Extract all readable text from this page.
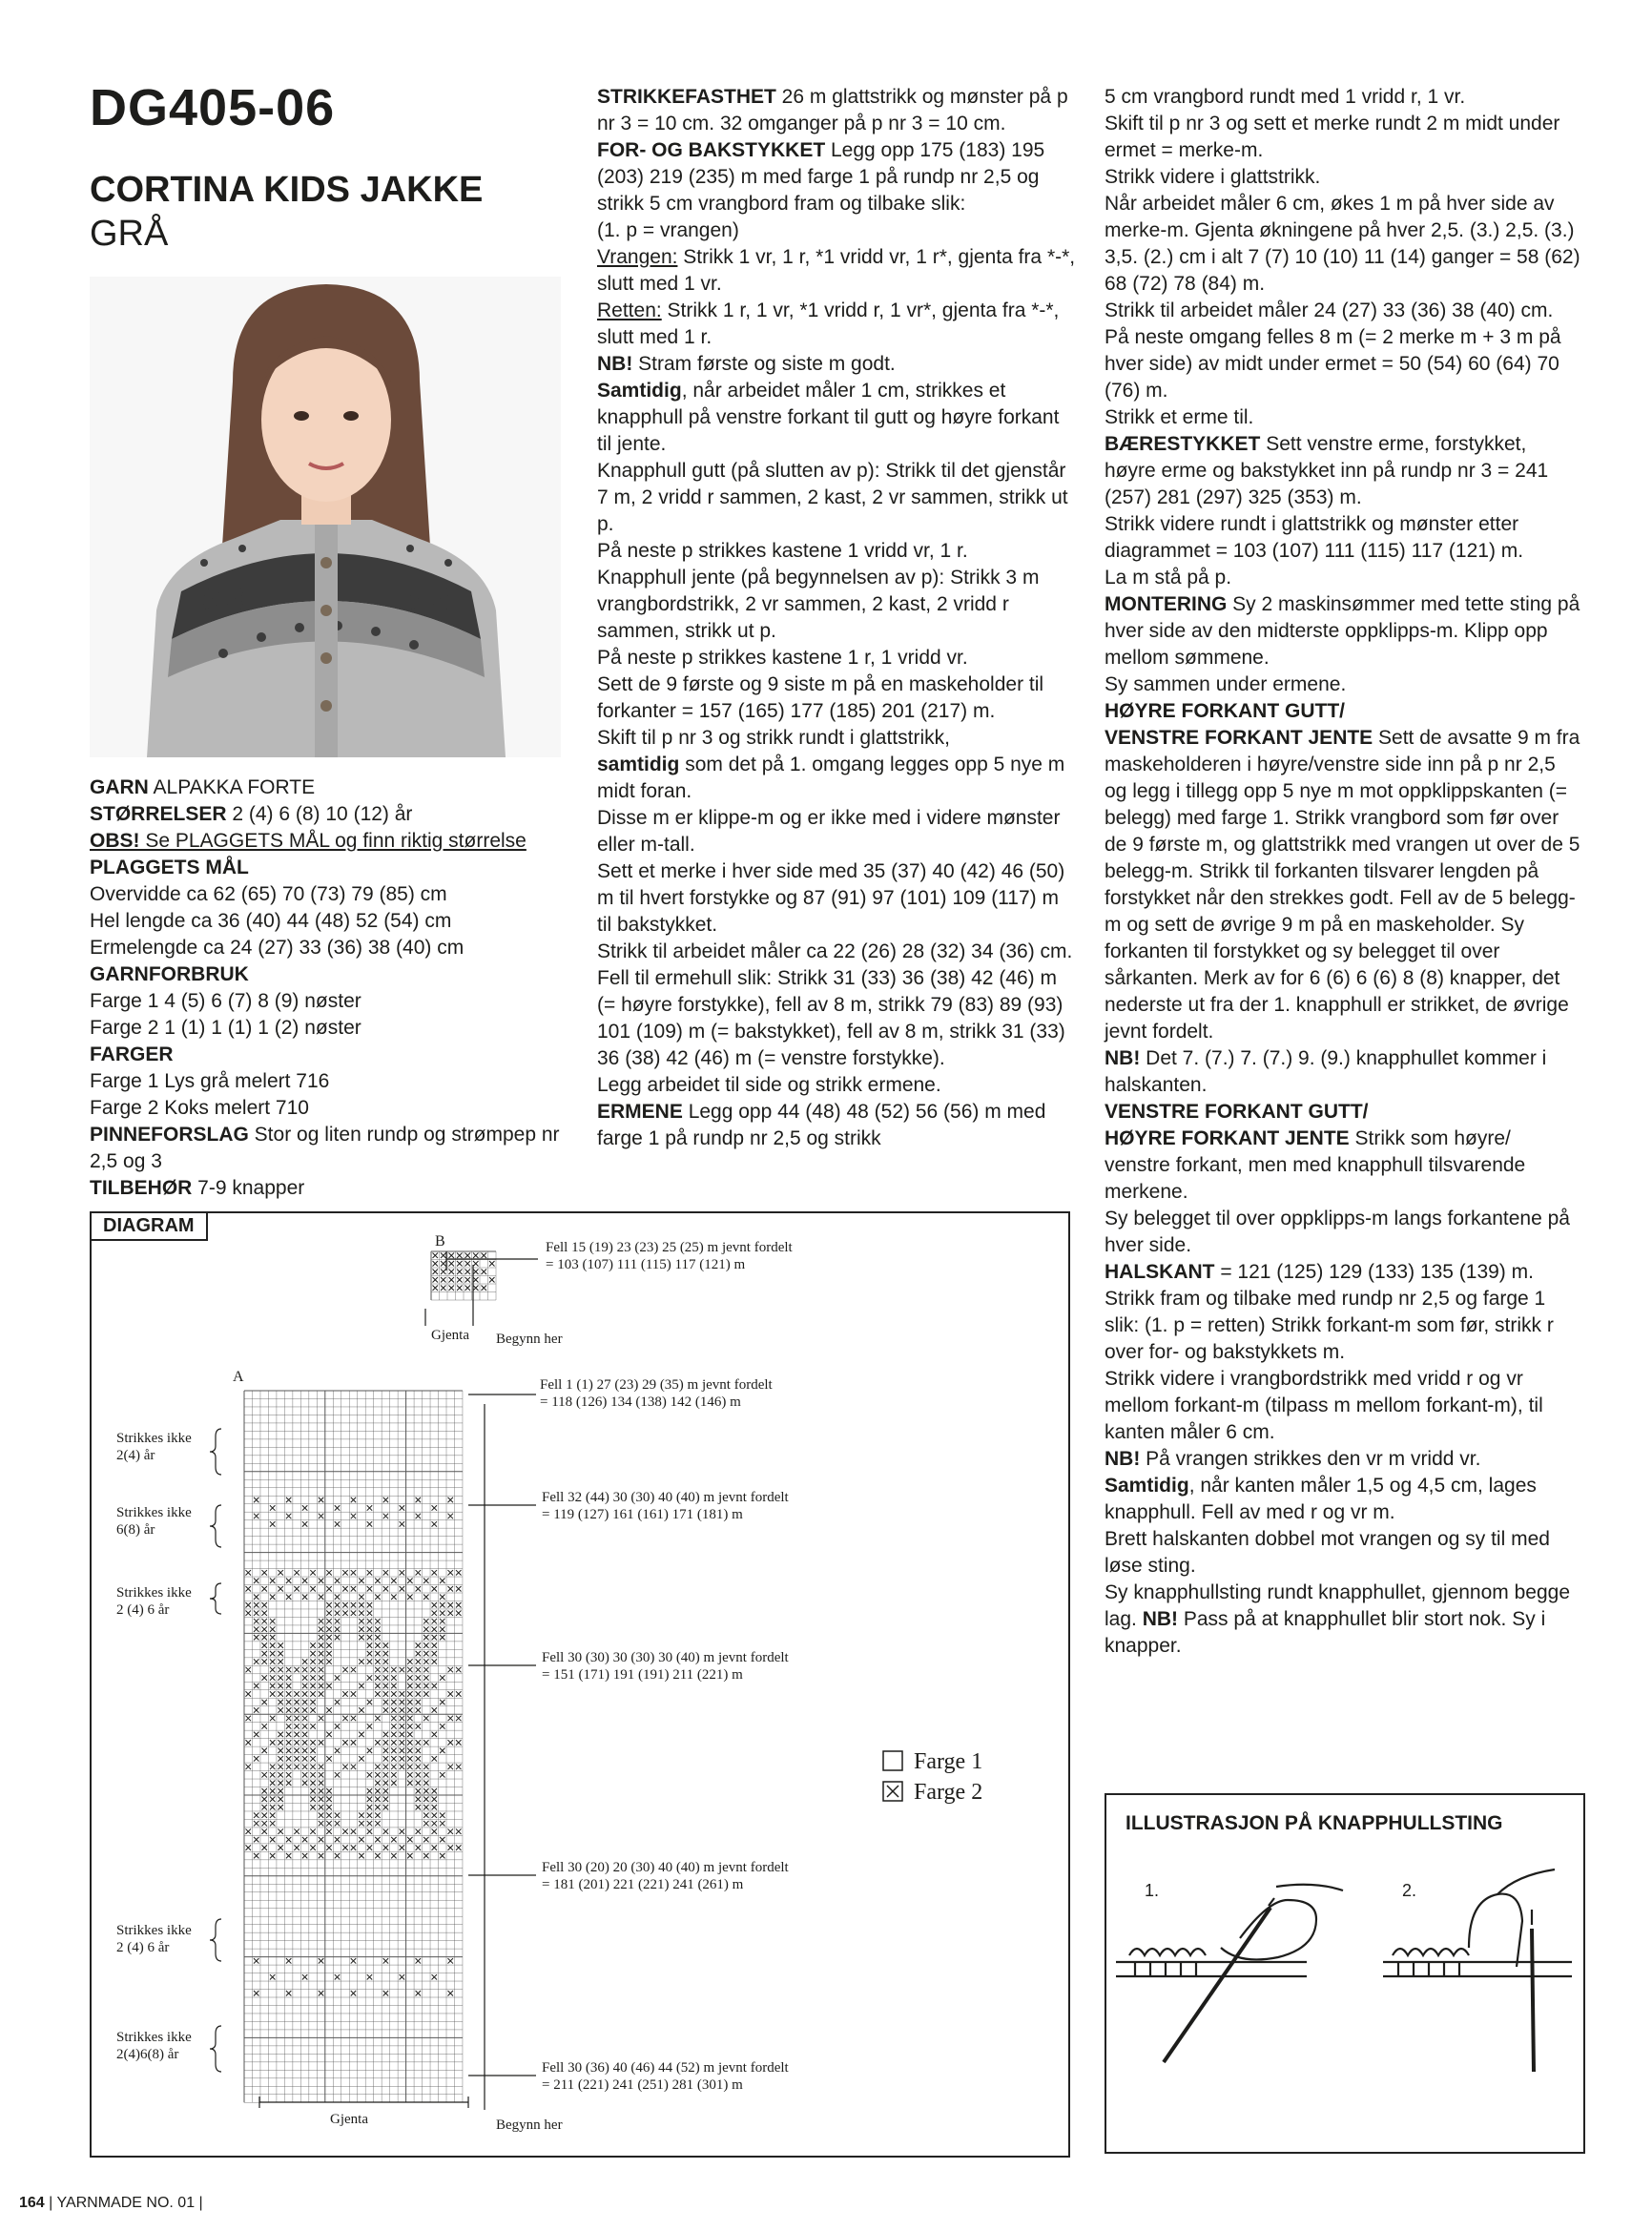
DG405-06
CORTINA KIDS JAKKE
GRÅ

GARN ALPAKKA FORTE

STØRRELSER 2 (4) 6 (8) 10 (12) år

OBS! Se PLAGGETS MÅL og finn riktig størrelse

PLAGGETS MÅL

Overvidde ca 62 (65) 70 (73) 79 (85) cm

Hel lengde ca 36 (40) 44 (48) 52 (54) cm

Ermelengde ca 24 (27) 33 (36) 38 (40) cm

GARNFORBRUK

Farge 1 4 (5) 6 (7) 8 (9) nøster

Farge 2 1 (1) 1 (1) 1 (2) nøster

FARGER

Farge 1 Lys grå melert 716

Farge 2 Koks melert 710

PINNEFORSLAG Stor og liten rundp og strømpep nr 2,5 og 3

TILBEHØR 7-9 knapper

STRIKKEFASTHET 26 m glattstrikk og mønster på p nr 3 = 10 cm. 32 omganger på p nr 3 = 10 cm.

FOR- OG BAKSTYKKET Legg opp 175 (183) 195 (203) 219 (235) m med farge 1 på rundp nr 2,5 og strikk 5 cm vrangbord fram og tilbake slik:

(1. p = vrangen)

Vrangen: Strikk 1 vr, 1 r, *1 vridd vr, 1 r*, gjenta fra *-*, slutt med 1 vr.

Retten: Strikk 1 r, 1 vr, *1 vridd r, 1 vr*, gjenta fra *-*, slutt med 1 r.

NB! Stram første og siste m godt.

Samtidig, når arbeidet måler 1 cm, strikkes et knapphull på venstre forkant til gutt og høyre forkant til jente.

Knapphull gutt (på slutten av p): Strikk til det gjenstår 7 m, 2 vridd r sammen, 2 kast, 2 vr sammen, strikk ut p.

På neste p strikkes kastene 1 vridd vr, 1 r.

Knapphull jente (på begynnelsen av p): Strikk 3 m vrangbordstrikk, 2 vr sammen, 2 kast, 2 vridd r sammen, strikk ut p.

På neste p strikkes kastene 1 r, 1 vridd vr.

Sett de 9 første og 9 siste m på en maskeholder til forkanter = 157 (165) 177 (185) 201 (217) m.

Skift til p nr 3 og strikk rundt i glattstrikk,

samtidig som det på 1. omgang legges opp 5 nye m midt foran.

Disse m er klippe-m og er ikke med i videre mønster eller m-tall.

Sett et merke i hver side med 35 (37) 40 (42) 46 (50) m til hvert forstykke og 87 (91) 97 (101) 109 (117) m til bakstykket.

Strikk til arbeidet måler ca 22 (26) 28 (32) 34 (36) cm.

Fell til ermehull slik: Strikk 31 (33) 36 (38) 42 (46) m (= høyre forstykke), fell av 8 m, strikk 79 (83) 89 (93) 101 (109) m (= bakstykket), fell av 8 m, strikk 31 (33) 36 (38) 42 (46) m (= venstre forstykke).

Legg arbeidet til side og strikk ermene.

ERMENE Legg opp 44 (48) 48 (52) 56 (56) m med farge 1 på rundp nr 2,5 og strikk

5 cm vrangbord rundt med 1 vridd r, 1 vr.

Skift til p nr 3 og sett et merke rundt 2 m midt under ermet = merke-m.

Strikk videre i glattstrikk.

Når arbeidet måler 6 cm, økes 1 m på hver side av merke-m. Gjenta økningene på hver 2,5. (3.) 2,5. (3.) 3,5. (2.) cm i alt 7 (7) 10 (10) 11 (14) ganger = 58 (62) 68 (72) 78 (84) m.

Strikk til arbeidet måler 24 (27) 33 (36) 38 (40) cm.

På neste omgang felles 8 m (= 2 merke m + 3 m på hver side) av midt under ermet = 50 (54) 60 (64) 70 (76) m.

Strikk et erme til.

BÆRESTYKKET Sett venstre erme, forstykket, høyre erme og bakstykket inn på rundp nr 3 = 241 (257) 281 (297) 325 (353) m.

Strikk videre rundt i glattstrikk og mønster etter diagrammet = 103 (107) 111 (115) 117 (121) m.

La m stå på p.

MONTERING Sy 2 maskinsømmer med tette sting på hver side av den midterste oppklipps-m. Klipp opp mellom sømmene.

Sy sammen under ermene.

HØYRE FORKANT GUTT/

VENSTRE FORKANT JENTE Sett de avsatte 9 m fra maskeholderen i høyre/venstre side inn på p nr 2,5 og legg i tillegg opp 5 nye m mot oppklippskanten (= belegg) med farge 1. Strikk vrangbord som før over de 9 første m, og glattstrikk med vrangen ut over de 5 belegg-m. Strikk til forkanten tilsvarer lengden på forstykket når den strekkes godt. Fell av de 5 belegg-m og sett de øvrige 9 m på en maskeholder. Sy forkanten til forstykket og sy belegget til over sårkanten. Merk av for 6 (6) 6 (6) 8 (8) knapper, det nederste ut fra der 1. knapphull er strikket, de øvrige jevnt fordelt.

NB! Det 7. (7.) 7. (7.) 9. (9.) knapphullet kommer i halskanten.

VENSTRE FORKANT GUTT/

HØYRE FORKANT JENTE Strikk som høyre/ venstre forkant, men med knapphull tilsvarende merkene.

Sy belegget til over oppklipps-m langs forkantene på hver side.

HALSKANT = 121 (125) 129 (133) 135 (139) m.

Strikk fram og tilbake med rundp nr 2,5 og farge 1 slik: (1. p = retten) Strikk forkant-m som før, strikk r over for- og bakstykkets m.

Strikk videre i vrangbordstrikk med vridd r og vr mellom forkant-m (tilpass m mellom forkant-m), til kanten måler 6 cm.

NB! På vrangen strikkes den vr m vridd vr.

Samtidig, når kanten måler 1,5 og 4,5 cm, lages knapphull. Fell av med r og vr m.

Brett halskanten dobbel mot vrangen og sy til med løse sting.

Sy knapphullsting rundt knapphullet, gjennom begge lag. NB! Pass på at knapphullet blir stort nok. Sy i knapper.

DIAGRAM
B	Fell 15 (19) 23 (23) 25 (25) m jevnt fordelt
= 103 (107) 111 (115) 117 (121) m
Gjenta Begynn her
A	Fell 1 (1) 27 (23) 29 (35) m jevnt fordelt
= 118 (126) 134 (138) 142 (146) m
Fell 32 (44) 30 (30) 40 (40) m jevnt fordelt
= 119 (127) 161 (161) 171 (181) m
Fell 30 (30) 30 (30) 30 (40) m jevnt fordelt
= 151 (171) 191 (191) 211 (221) m
Fell 30 (20) 20 (30) 40 (40) m jevnt fordelt
= 181 (201) 221 (221) 241 (261) m
Fell 30 (36) 40 (46) 44 (52) m jevnt fordelt
= 211 (221) 241 (251) 281 (301) m
Strikkes ikke
2(4) år
Strikkes ikke
6(8) år
Strikkes ikke
2 (4) 6 år
Strikkes ikke
2 (4) 6 år
Strikkes ikke
2(4)6(8) år
Gjenta	Begynn her
Farge 1
Farge 2
ILLUSTRASJON PÅ KNAPPHULLSTING
1.	2.
164 | YARNMADE NO. 01 |
